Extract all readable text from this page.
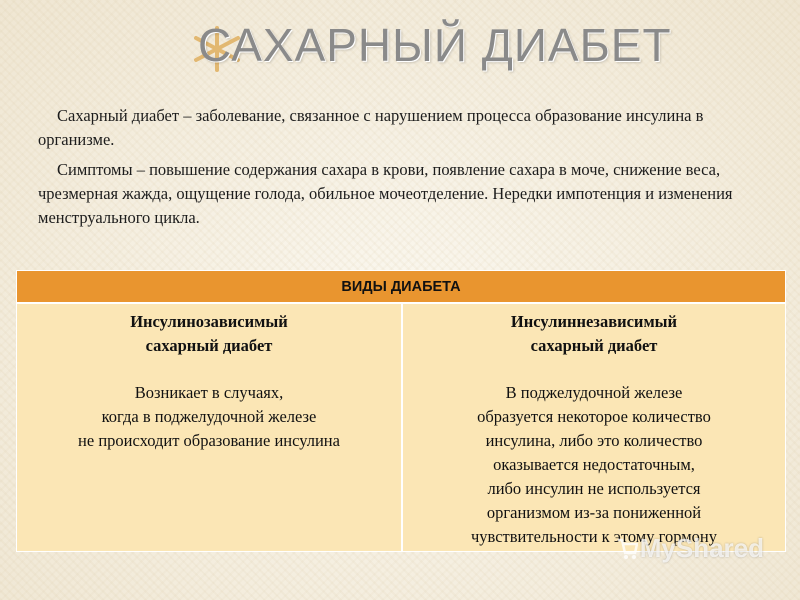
САХАРНЫЙ ДИАБЕТ

Сахарный диабет – заболевание, связанное с нарушением процесса образование инсулина в организме.

Симптомы – повышение содержания сахара в крови, появление сахара в моче, снижение веса, чрезмерная жажда, ощущение голода, обильное мочеотделение. Нередки импотенция и изменения менструального цикла.

ВИДЫ ДИАБЕТА
Инсулинозависимый
сахарный диабет
Возникает в случаях,
когда в поджелудочной железе
не происходит образование инсулина
Инсулиннезависимый
сахарный диабет
В поджелудочной железе
образуется некоторое количество
инсулина, либо это количество
оказывается недостаточным,
либо инсулин не используется
организмом из-за пониженной
чувствительности к этому гормону
MyShared
